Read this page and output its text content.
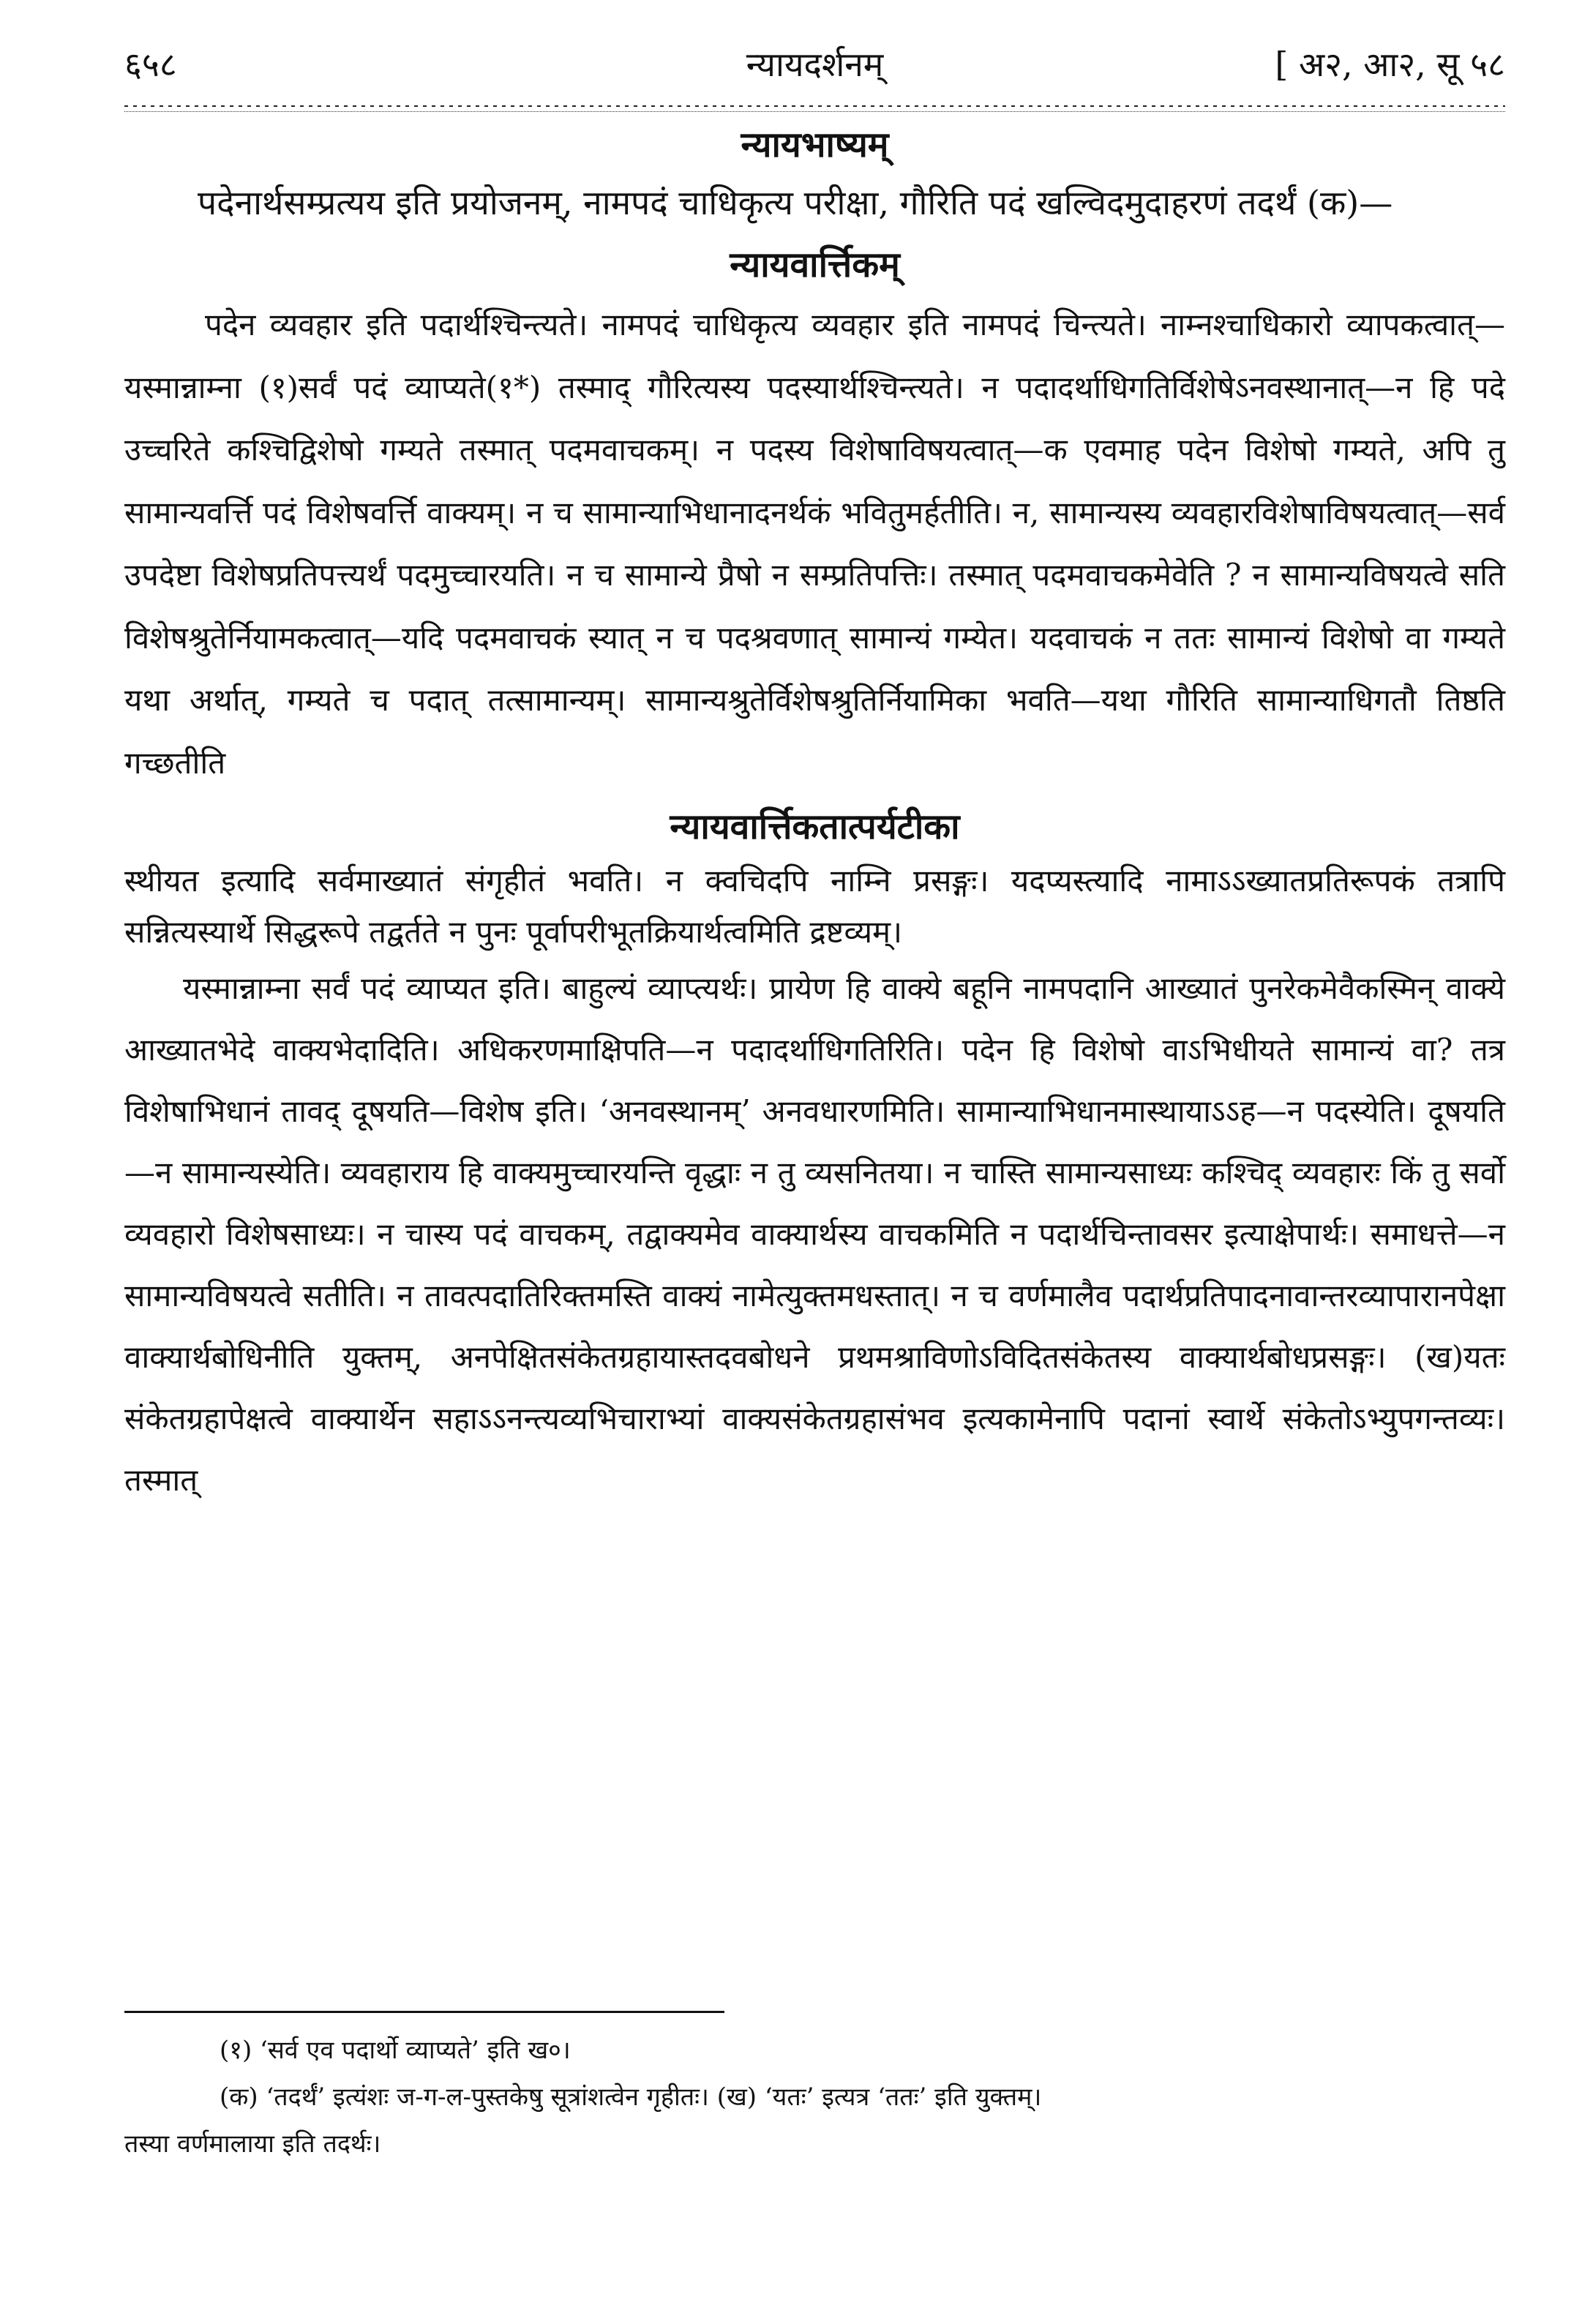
६५८	न्यायदर्शनम्	[ अ२, आ२, सू ५८
न्यायभाष्यम्

पदेनार्थसम्प्रत्यय इति प्रयोजनम्, नामपदं चाधिकृत्य परीक्षा, गौरिति पदं खल्विदमुदाहरणं तदर्थं (क)—

न्यायवार्त्तिकम्

पदेन व्यवहार इति पदार्थश्चिन्त्यते। नामपदं चाधिकृत्य व्यवहार इति नामपदं चिन्त्यते। नाम्नश्चाधिकारो व्यापकत्वात्—यस्मान्नाम्ना (१)सर्वं पदं व्याप्यते(१*) तस्माद् गौरित्यस्य पदस्यार्थश्चिन्त्यते। न पदादर्थाधिगतिर्विशेषेऽनवस्थानात्—न हि पदे उच्चरिते कश्चिद्विशेषो गम्यते तस्मात् पदमवाचकम्। न पदस्य विशेषाविषयत्वात्—क एवमाह पदेन विशेषो गम्यते, अपि तु सामान्यवर्त्ति पदं विशेषवर्त्ति वाक्यम्। न च सामान्याभिधानादनर्थकं भवितुमर्हतीति। न, सामान्यस्य व्यवहारविशेषाविषयत्वात्—सर्व उपदेष्टा विशेषप्रतिपत्त्यर्थं पदमुच्चारयति। न च सामान्ये प्रैषो न सम्प्रतिपत्तिः। तस्मात् पदमवाचकमेवेति ? न सामान्यविषयत्वे सति विशेषश्रुतेर्नियामकत्वात्—यदि पदमवाचकं स्यात् न च पदश्रवणात् सामान्यं गम्येत। यदवाचकं न ततः सामान्यं विशेषो वा गम्यते यथा अर्थात्, गम्यते च पदात् तत्सामान्यम्। सामान्यश्रुतेर्विशेषश्रुतिर्नियामिका भवति—यथा गौरिति सामान्याधिगतौ तिष्ठति गच्छतीति

न्यायवार्त्तिकतात्पर्यटीका

स्थीयत इत्यादि सर्वमाख्यातं संगृहीतं भवति। न क्वचिदपि नाम्नि प्रसङ्गः। यदप्यस्त्यादि नामाऽऽख्यातप्रतिरूपकं तत्रापि सन्नित्यस्यार्थे सिद्धरूपे तद्वर्तते न पुनः पूर्वापरीभूतक्रियार्थत्वमिति द्रष्टव्यम्।

यस्मान्नाम्ना सर्वं पदं व्याप्यत इति। बाहुल्यं व्याप्त्यर्थः। प्रायेण हि वाक्ये बहूनि नामपदानि आख्यातं पुनरेकमेवैकस्मिन् वाक्ये आख्यातभेदे वाक्यभेदादिति। अधिकरणमाक्षिपति—न पदादर्थाधिगतिरिति। पदेन हि विशेषो वाऽभिधीयते सामान्यं वा? तत्र विशेषाभिधानं तावद् दूषयति—विशेष इति। ‘अनवस्थानम्’ अनवधारणमिति। सामान्याभिधानमास्थायाऽऽह—न पदस्येति। दूषयति—न सामान्यस्येति। व्यवहाराय हि वाक्यमुच्चारयन्ति वृद्धाः न तु व्यसनितया। न चास्ति सामान्यसाध्यः कश्चिद् व्यवहारः किं तु सर्वो व्यवहारो विशेषसाध्यः। न चास्य पदं वाचकम्, तद्वाक्यमेव वाक्यार्थस्य वाचकमिति न पदार्थचिन्तावसर इत्याक्षेपार्थः। समाधत्ते—न सामान्यविषयत्वे सतीति। न तावत्पदातिरिक्तमस्ति वाक्यं नामेत्युक्तमधस्तात्। न च वर्णमालैव पदार्थप्रतिपादनावान्तरव्यापारानपेक्षा वाक्यार्थबोधिनीति युक्तम्, अनपेक्षितसंकेतग्रहायास्तदवबोधने प्रथमश्राविणोऽविदितसंकेतस्य वाक्यार्थबोधप्रसङ्गः। (ख)यतः संकेतग्रहापेक्षत्वे वाक्यार्थेन सहाऽऽनन्त्यव्यभिचाराभ्यां वाक्यसंकेतग्रहासंभव इत्यकामेनापि पदानां स्वार्थे संकेतोऽभ्युपगन्तव्यः। तस्मात्

(१) ‘सर्व एव पदार्थो व्याप्यते’ इति ख०।

(क) ‘तदर्थं’ इत्यंशः ज-ग-ल-पुस्तकेषु सूत्रांशत्वेन गृहीतः। (ख) ‘यतः’ इत्यत्र ‘ततः’ इति युक्तम्।

तस्या वर्णमालाया इति तदर्थः।
